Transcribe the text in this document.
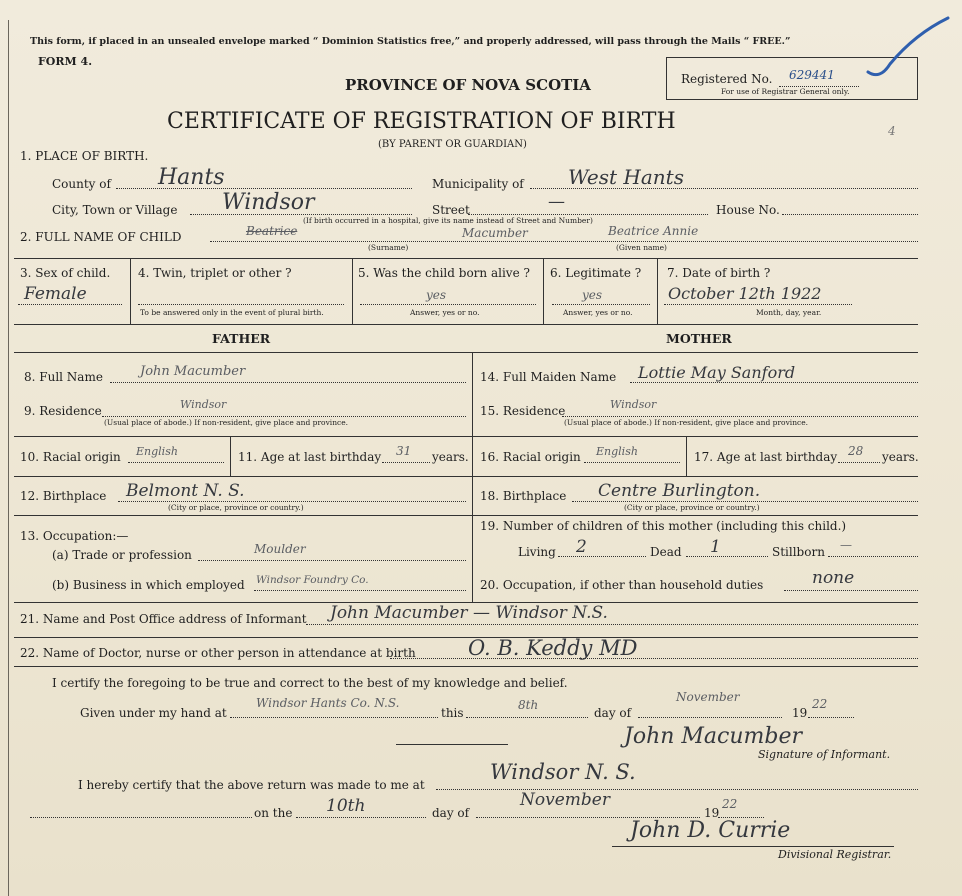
This form, if placed in an unsealed envelope marked “ Dominion Statistics free,” and properly addressed, will pass through the Mails “ FREE.”
FORM 4.
PROVINCE OF NOVA SCOTIA
CERTIFICATE OF REGISTRATION OF BIRTH
(BY PARENT OR GUARDIAN)
Registered No. 629441
For use of Registrar General only.
4
1. PLACE OF BIRTH.
County of Hants	Municipality of West Hants
City, Town or Village Windsor
(If birth occurred in a hospital, give its name instead of Street and Number)
Street	—	House No.
2. FULL NAME OF CHILD	Beatrice	Macumber	Beatrice Annie
(Surname)	(Given name)
3. Sex of child.
Female
4. Twin, triplet or other ?
To be answered only in the event of plural birth.
5. Was the child born alive ?
yes
Answer, yes or no.
6. Legitimate ?
yes
Answer, yes or no.
7. Date of birth ?
October 12th 1922
Month, day, year.
FATHER	MOTHER
8. Full Name	John Macumber	14. Full Maiden Name Lottie May Sanford
9. Residence	Windsor
(Usual place of abode.) If non-resident, give place and province.
15. Residence	Windsor
(Usual place of abode.) If non-resident, give place and province.
10. Racial origin English	11. Age at last birthday 31 years. 16. Racial origin English	17. Age at last birthday 28 years.
12. Birthplace Belmont N. S.
(City or place, province or country.)
18. Birthplace Centre Burlington.
(City or place, province or country.)
13. Occupation:—
(a) Trade or profession	Moulder
(b) Business in which employed Windsor Foundry Co.
19. Number of children of this mother (including this child.)
Living 2	Dead 1	Stillborn —
20. Occupation, if other than household duties	none
21. Name and Post Office address of Informant John Macumber — Windsor N.S.
22. Name of Doctor, nurse or other person in attendance at birth O. B. Keddy MD
I certify the foregoing to be true and correct to the best of my knowledge and belief.
Given under my hand at
Windsor Hants Co. N.S.
this
8th
day of
November
19
22
John Macumber
Signature of Informant.
I hereby certify that the above return was made to me at
Windsor N. S.
on the 10th	day of
November
19
22
John D. Currie
Divisional Registrar.
